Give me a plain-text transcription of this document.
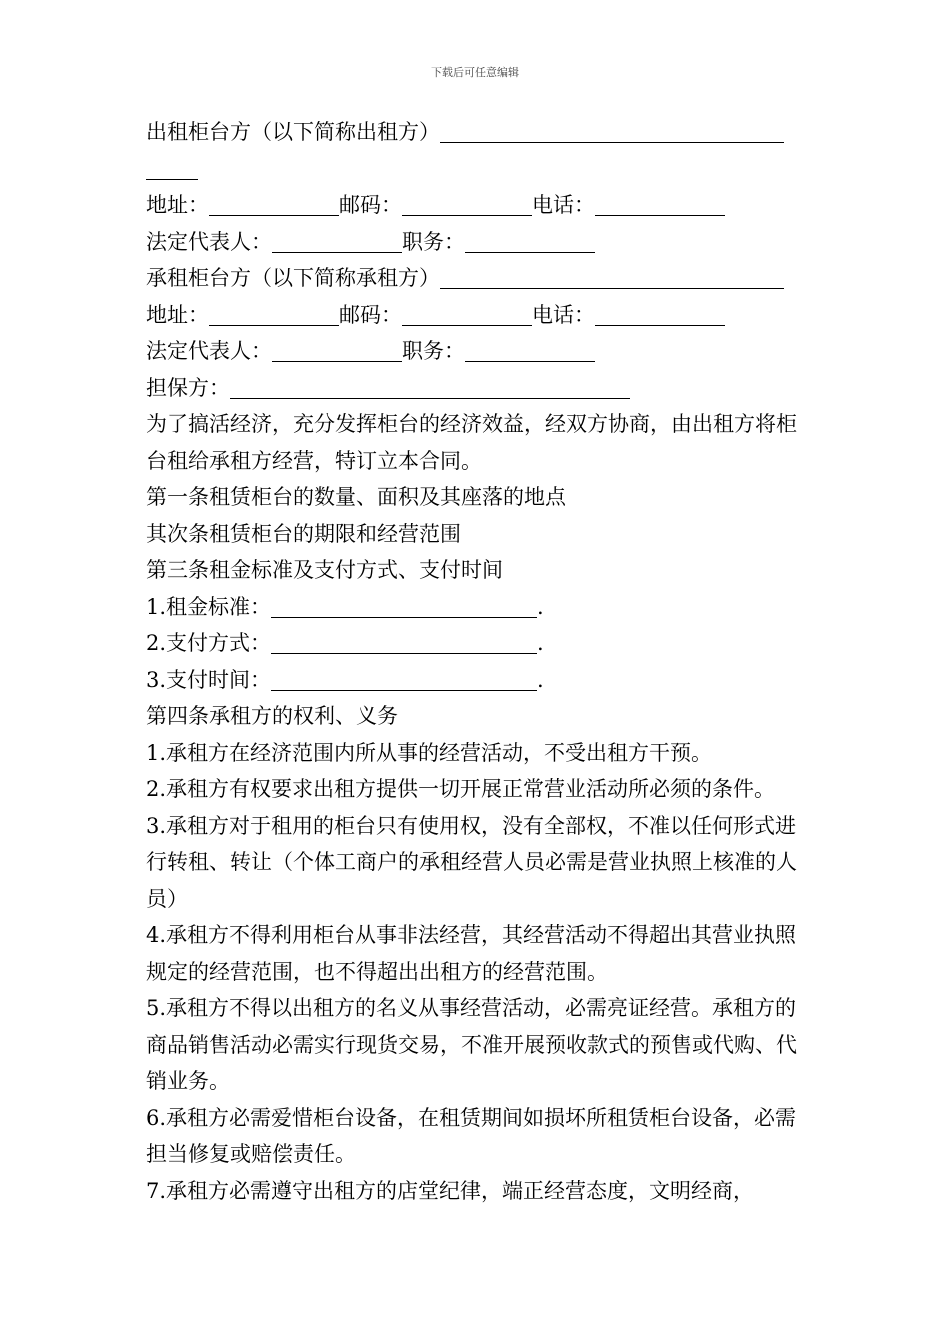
下载后可任意编辑
出租柜台方（以下简称出租方）
地址：	邮码：	电话：
法定代表人：	职务：
承租柜台方（以下简称承租方）
地址：	邮码：	电话：
法定代表人：	职务：
担保方：
为了搞活经济，充分发挥柜台的经济效益，经双方协商，由出租方将柜台租给承租方经营，特订立本合同。
第一条租赁柜台的数量、面积及其座落的地点
其次条租赁柜台的期限和经营范围
第三条租金标准及支付方式、支付时间
1.租金标准：	.
2.支付方式：	.
3.支付时间：	.
第四条承租方的权利、义务
1.承租方在经济范围内所从事的经营活动，不受出租方干预。
2.承租方有权要求出租方提供一切开展正常营业活动所必须的条件。
3.承租方对于租用的柜台只有使用权，没有全部权，不准以任何形式进行转租、转让（个体工商户的承租经营人员必需是营业执照上核准的人员）
4.承租方不得利用柜台从事非法经营，其经营活动不得超出其营业执照规定的经营范围，也不得超出出租方的经营范围。
5.承租方不得以出租方的名义从事经营活动，必需亮证经营。承租方的商品销售活动必需实行现货交易，不准开展预收款式的预售或代购、代销业务。
6.承租方必需爱惜柜台设备，在租赁期间如损坏所租赁柜台设备，必需担当修复或赔偿责任。
7.承租方必需遵守出租方的店堂纪律，端正经营态度，文明经商，
